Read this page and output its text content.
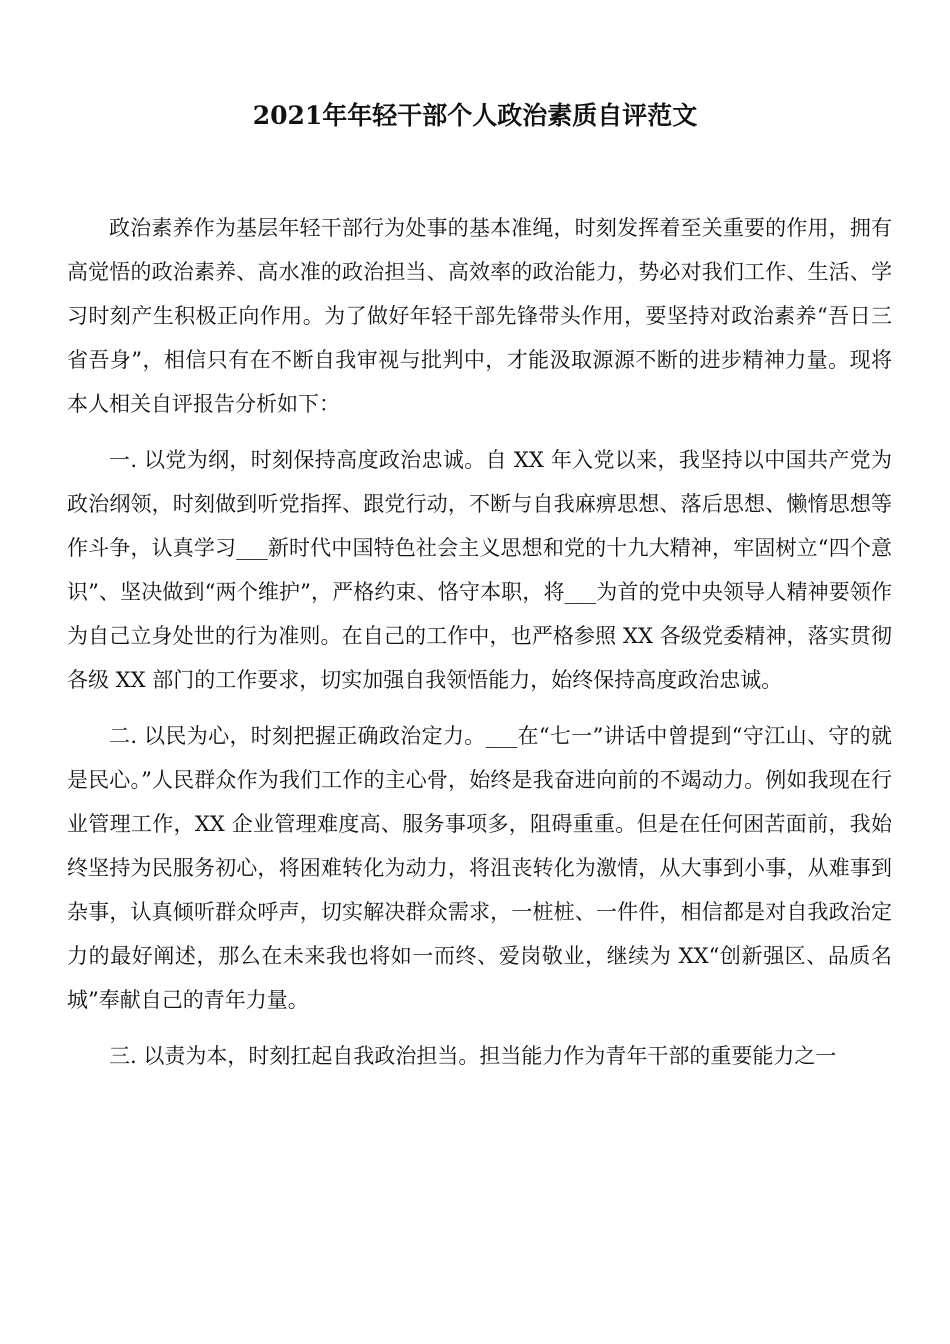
2021年年轻干部个人政治素质自评范文

政治素养作为基层年轻干部行为处事的基本准绳，时刻发挥着至关重要的作用，拥有高觉悟的政治素养、高水准的政治担当、高效率的政治能力，势必对我们工作、生活、学习时刻产生积极正向作用。为了做好年轻干部先锋带头作用，要坚持对政治素养“吾日三省吾身”，相信只有在不断自我审视与批判中，才能汲取源源不断的进步精神力量。现将本人相关自评报告分析如下：

一. 以党为纲，时刻保持高度政治忠诚。自 XX 年入党以来，我坚持以中国共产党为政治纲领，时刻做到听党指挥、跟党行动，不断与自我麻痹思想、落后思想、懒惰思想等作斗争，认真学习___新时代中国特色社会主义思想和党的十九大精神，牢固树立“四个意识”、坚决做到“两个维护”，严格约束、恪守本职，将___为首的党中央领导人精神要领作为自己立身处世的行为准则。在自己的工作中，也严格参照 XX 各级党委精神，落实贯彻各级 XX 部门的工作要求，切实加强自我领悟能力，始终保持高度政治忠诚。

二. 以民为心，时刻把握正确政治定力。___在“七一”讲话中曾提到“守江山、守的就是民心。”人民群众作为我们工作的主心骨，始终是我奋进向前的不竭动力。例如我现在行业管理工作，XX 企业管理难度高、服务事项多，阻碍重重。但是在任何困苦面前，我始终坚持为民服务初心，将困难转化为动力，将沮丧转化为激情，从大事到小事，从难事到杂事，认真倾听群众呼声，切实解决群众需求，一桩桩、一件件，相信都是对自我政治定力的最好阐述，那么在未来我也将如一而终、爱岗敬业，继续为 XX“创新强区、品质名城”奉献自己的青年力量。

三. 以责为本，时刻扛起自我政治担当。担当能力作为青年干部的重要能力之一
